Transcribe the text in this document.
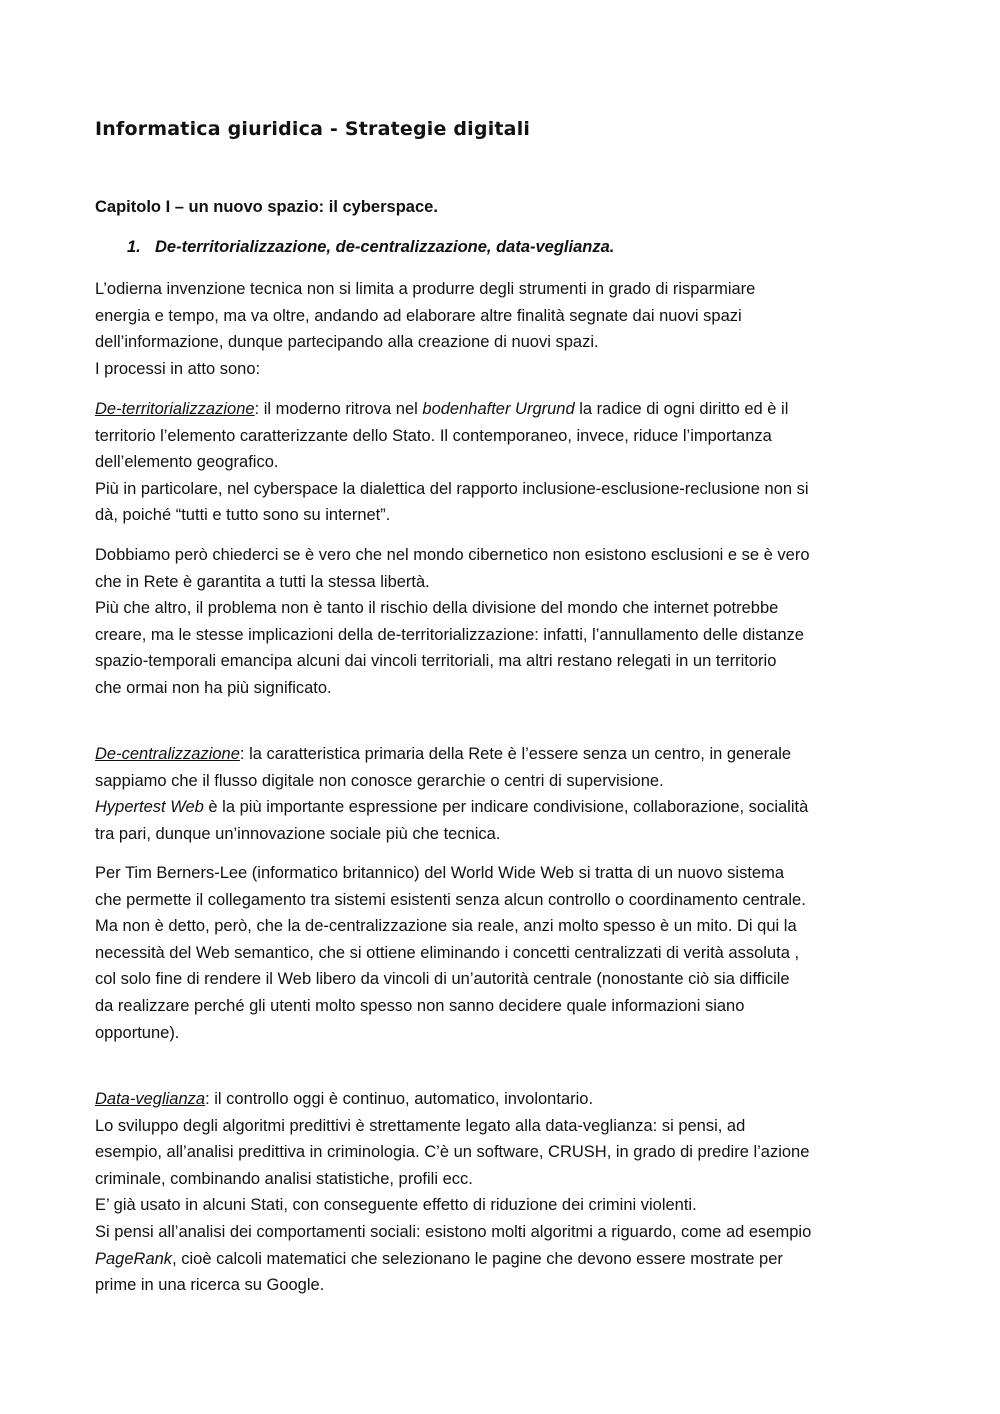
Informatica giuridica - Strategie digitali

Capitolo I – un nuovo spazio: il cyberspace.

1. De-territorializzazione, de-centralizzazione, data-veglianza.

L’odierna invenzione tecnica non si limita a produrre degli strumenti in grado di risparmiare
energia e tempo, ma va oltre, andando ad elaborare altre finalità segnate dai nuovi spazi
dell’informazione, dunque partecipando alla creazione di nuovi spazi.
I processi in atto sono:

De-territorializzazione: il moderno ritrova nel bodenhafter Urgrund la radice di ogni diritto ed è il
territorio l’elemento caratterizzante dello Stato. Il contemporaneo, invece, riduce l’importanza
dell’elemento geografico.
Più in particolare, nel cyberspace la dialettica del rapporto inclusione-esclusione-reclusione non si
dà, poiché “tutti e tutto sono su internet”.

Dobbiamo però chiederci se è vero che nel mondo cibernetico non esistono esclusioni e se è vero
che in Rete è garantita a tutti la stessa libertà.
Più che altro, il problema non è tanto il rischio della divisione del mondo che internet potrebbe
creare, ma le stesse implicazioni della de-territorializzazione: infatti, l’annullamento delle distanze
spazio-temporali emancipa alcuni dai vincoli territoriali, ma altri restano relegati in un territorio
che ormai non ha più significato.

De-centralizzazione: la caratteristica primaria della Rete è l’essere senza un centro, in generale
sappiamo che il flusso digitale non conosce gerarchie o centri di supervisione.
Hypertest Web è la più importante espressione per indicare condivisione, collaborazione, socialità
tra pari, dunque un’innovazione sociale più che tecnica.

Per Tim Berners-Lee (informatico britannico) del World Wide Web si tratta di un nuovo sistema
che permette il collegamento tra sistemi esistenti senza alcun controllo o coordinamento centrale.
Ma non è detto, però, che la de-centralizzazione sia reale, anzi molto spesso è un mito. Di qui la
necessità del Web semantico, che si ottiene eliminando i concetti centralizzati di verità assoluta ,
col solo fine di rendere il Web libero da vincoli di un’autorità centrale (nonostante ciò sia difficile
da realizzare perché gli utenti molto spesso non sanno decidere quale informazioni siano
opportune).

Data-veglianza: il controllo oggi è continuo, automatico, involontario.
Lo sviluppo degli algoritmi predittivi è strettamente legato alla data-veglianza: si pensi, ad
esempio, all’analisi predittiva in criminologia. C’è un software, CRUSH, in grado di predire l’azione
criminale, combinando analisi statistiche, profili ecc.
E’ già usato in alcuni Stati, con conseguente effetto di riduzione dei crimini violenti.
Si pensi all’analisi dei comportamenti sociali: esistono molti algoritmi a riguardo, come ad esempio
PageRank, cioè calcoli matematici che selezionano le pagine che devono essere mostrate per
prime in una ricerca su Google.
